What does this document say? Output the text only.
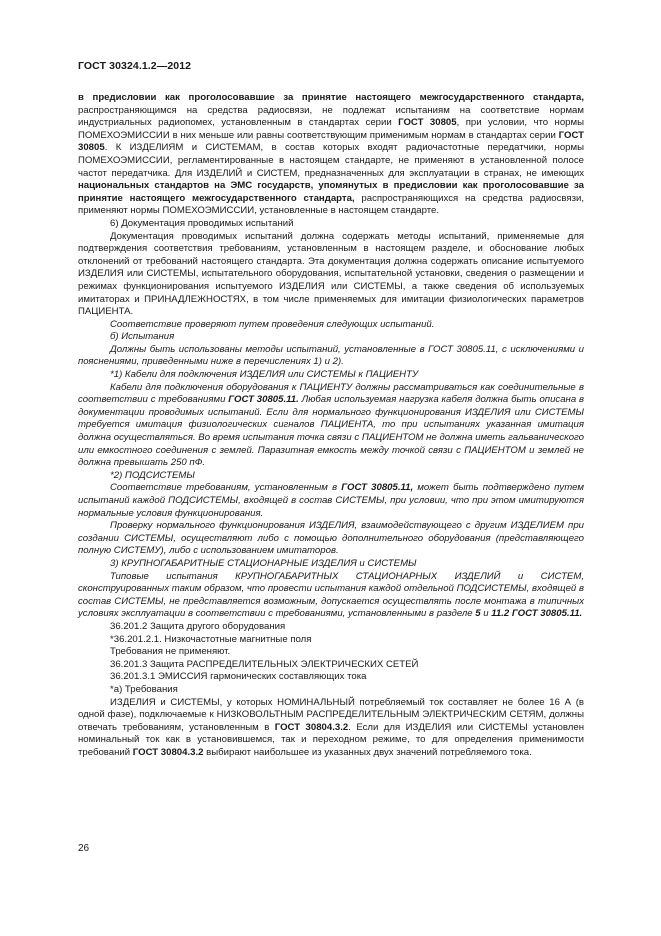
ГОСТ 30324.1.2—2012

в предисловии как проголосовавшие за принятие настоящего межгосударственного стандарта, распространяющимся на средства радиосвязи, не подлежат испытаниям на соответствие нормам индустриальных радиопомех, установленным в стандартах серии ГОСТ 30805, при условии, что нормы ПОМЕХОЭМИССИИ в них меньше или равны соответствующим применимым нормам в стандартах серии ГОСТ 30805. К ИЗДЕЛИЯМ и СИСТЕМАМ, в состав которых входят радиочастотные передатчики, нормы ПОМЕХОЭМИССИИ, регламентированные в настоящем стандарте, не применяют в установленной полосе частот передатчика. Для ИЗДЕЛИЙ и СИСТЕМ, предназначенных для эксплуатации в странах, не имеющих национальных стандартов на ЭМС государств, упомянутых в предисловии как проголосовавшие за принятие настоящего межгосударственного стандарта, распространяющихся на средства радиосвязи, применяют нормы ПОМЕХОЭМИССИИ, установленные в настоящем стандарте.

6) Документация проводимых испытаний

Документация проводимых испытаний должна содержать методы испытаний, применяемые для подтверждения соответствия требованиям, установленным в настоящем разделе, и обоснование любых отклонений от требований настоящего стандарта. Эта документация должна содержать описание испытуемого ИЗДЕЛИЯ или СИСТЕМЫ, испытательного оборудования, испытательной установки, сведения о размещении и режимах функционирования испытуемого ИЗДЕЛИЯ или СИСТЕМЫ, а также сведения об используемых имитаторах и ПРИНАДЛЕЖНОСТЯХ, в том числе применяемых для имитации физиологических параметров ПАЦИЕНТА.

Соответствие проверяют путем проведения следующих испытаний.

б) Испытания

Должны быть использованы методы испытаний, установленные в ГОСТ 30805.11, с исключениями и пояснениями, приведенными ниже в перечислениях 1) и 2).

*1) Кабели для подключения ИЗДЕЛИЯ или СИСТЕМЫ к ПАЦИЕНТУ

Кабели для подключения оборудования к ПАЦИЕНТУ должны рассматриваться как соединительные в соответствии с требованиями ГОСТ 30805.11. Любая используемая нагрузка кабеля должна быть описана в документации проводимых испытаний. Если для нормального функционирования ИЗДЕЛИЯ или СИСТЕМЫ требуется имитация физиологических сигналов ПАЦИЕНТА, то при испытаниях указанная имитация должна осуществляться. Во время испытания точка связи с ПАЦИЕНТОМ не должна иметь гальванического или емкостного соединения с землей. Паразитная емкость между точкой связи с ПАЦИЕНТОМ и землей не должна превышать 250 пФ.

*2) ПОДСИСТЕМЫ

Соответствие требованиям, установленным в ГОСТ 30805.11, может быть подтверждено путем испытаний каждой ПОДСИСТЕМЫ, входящей в состав СИСТЕМЫ, при условии, что при этом имитируются нормальные условия функционирования.

Проверку нормального функционирования ИЗДЕЛИЯ, взаимодействующего с другим ИЗДЕЛИЕМ при создании СИСТЕМЫ, осуществляют либо с помощью дополнительного оборудования (представляющего полную СИСТЕМУ), либо с использованием имитаторов.

3) КРУПНОГАБАРИТНЫЕ СТАЦИОНАРНЫЕ ИЗДЕЛИЯ и СИСТЕМЫ

Типовые испытания КРУПНОГАБАРИТНЫХ СТАЦИОНАРНЫХ ИЗДЕЛИЙ и СИСТЕМ, сконструированных таким образом, что провести испытания каждой отдельной ПОДСИСТЕМЫ, входящей в состав СИСТЕМЫ, не представляется возможным, допускается осуществлять после монтажа в типичных условиях эксплуатации в соответствии с требованиями, установленными в разделе 5 и 11.2 ГОСТ 30805.11.

36.201.2 Защита другого оборудования

*36.201.2.1. Низкочастотные магнитные поля

Требования не применяют.

36.201.3 Защита РАСПРЕДЕЛИТЕЛЬНЫХ ЭЛЕКТРИЧЕСКИХ СЕТЕЙ

36.201.3.1 ЭМИССИЯ гармонических составляющих тока

*а) Требования

ИЗДЕЛИЯ и СИСТЕМЫ, у которых НОМИНАЛЬНЫЙ потребляемый ток составляет не более 16 А (в одной фазе), подключаемые к НИЗКОВОЛЬТНЫМ РАСПРЕДЕЛИТЕЛЬНЫМ ЭЛЕКТРИЧЕСКИМ СЕТЯМ, должны отвечать требованиям, установленным в ГОСТ 30804.3.2. Если для ИЗДЕЛИЯ или СИСТЕМЫ установлен номинальный ток как в установившемся, так и переходном режиме, то для определения применимости требований ГОСТ 30804.3.2 выбирают наибольшее из указанных двух значений потребляемого тока.

26
